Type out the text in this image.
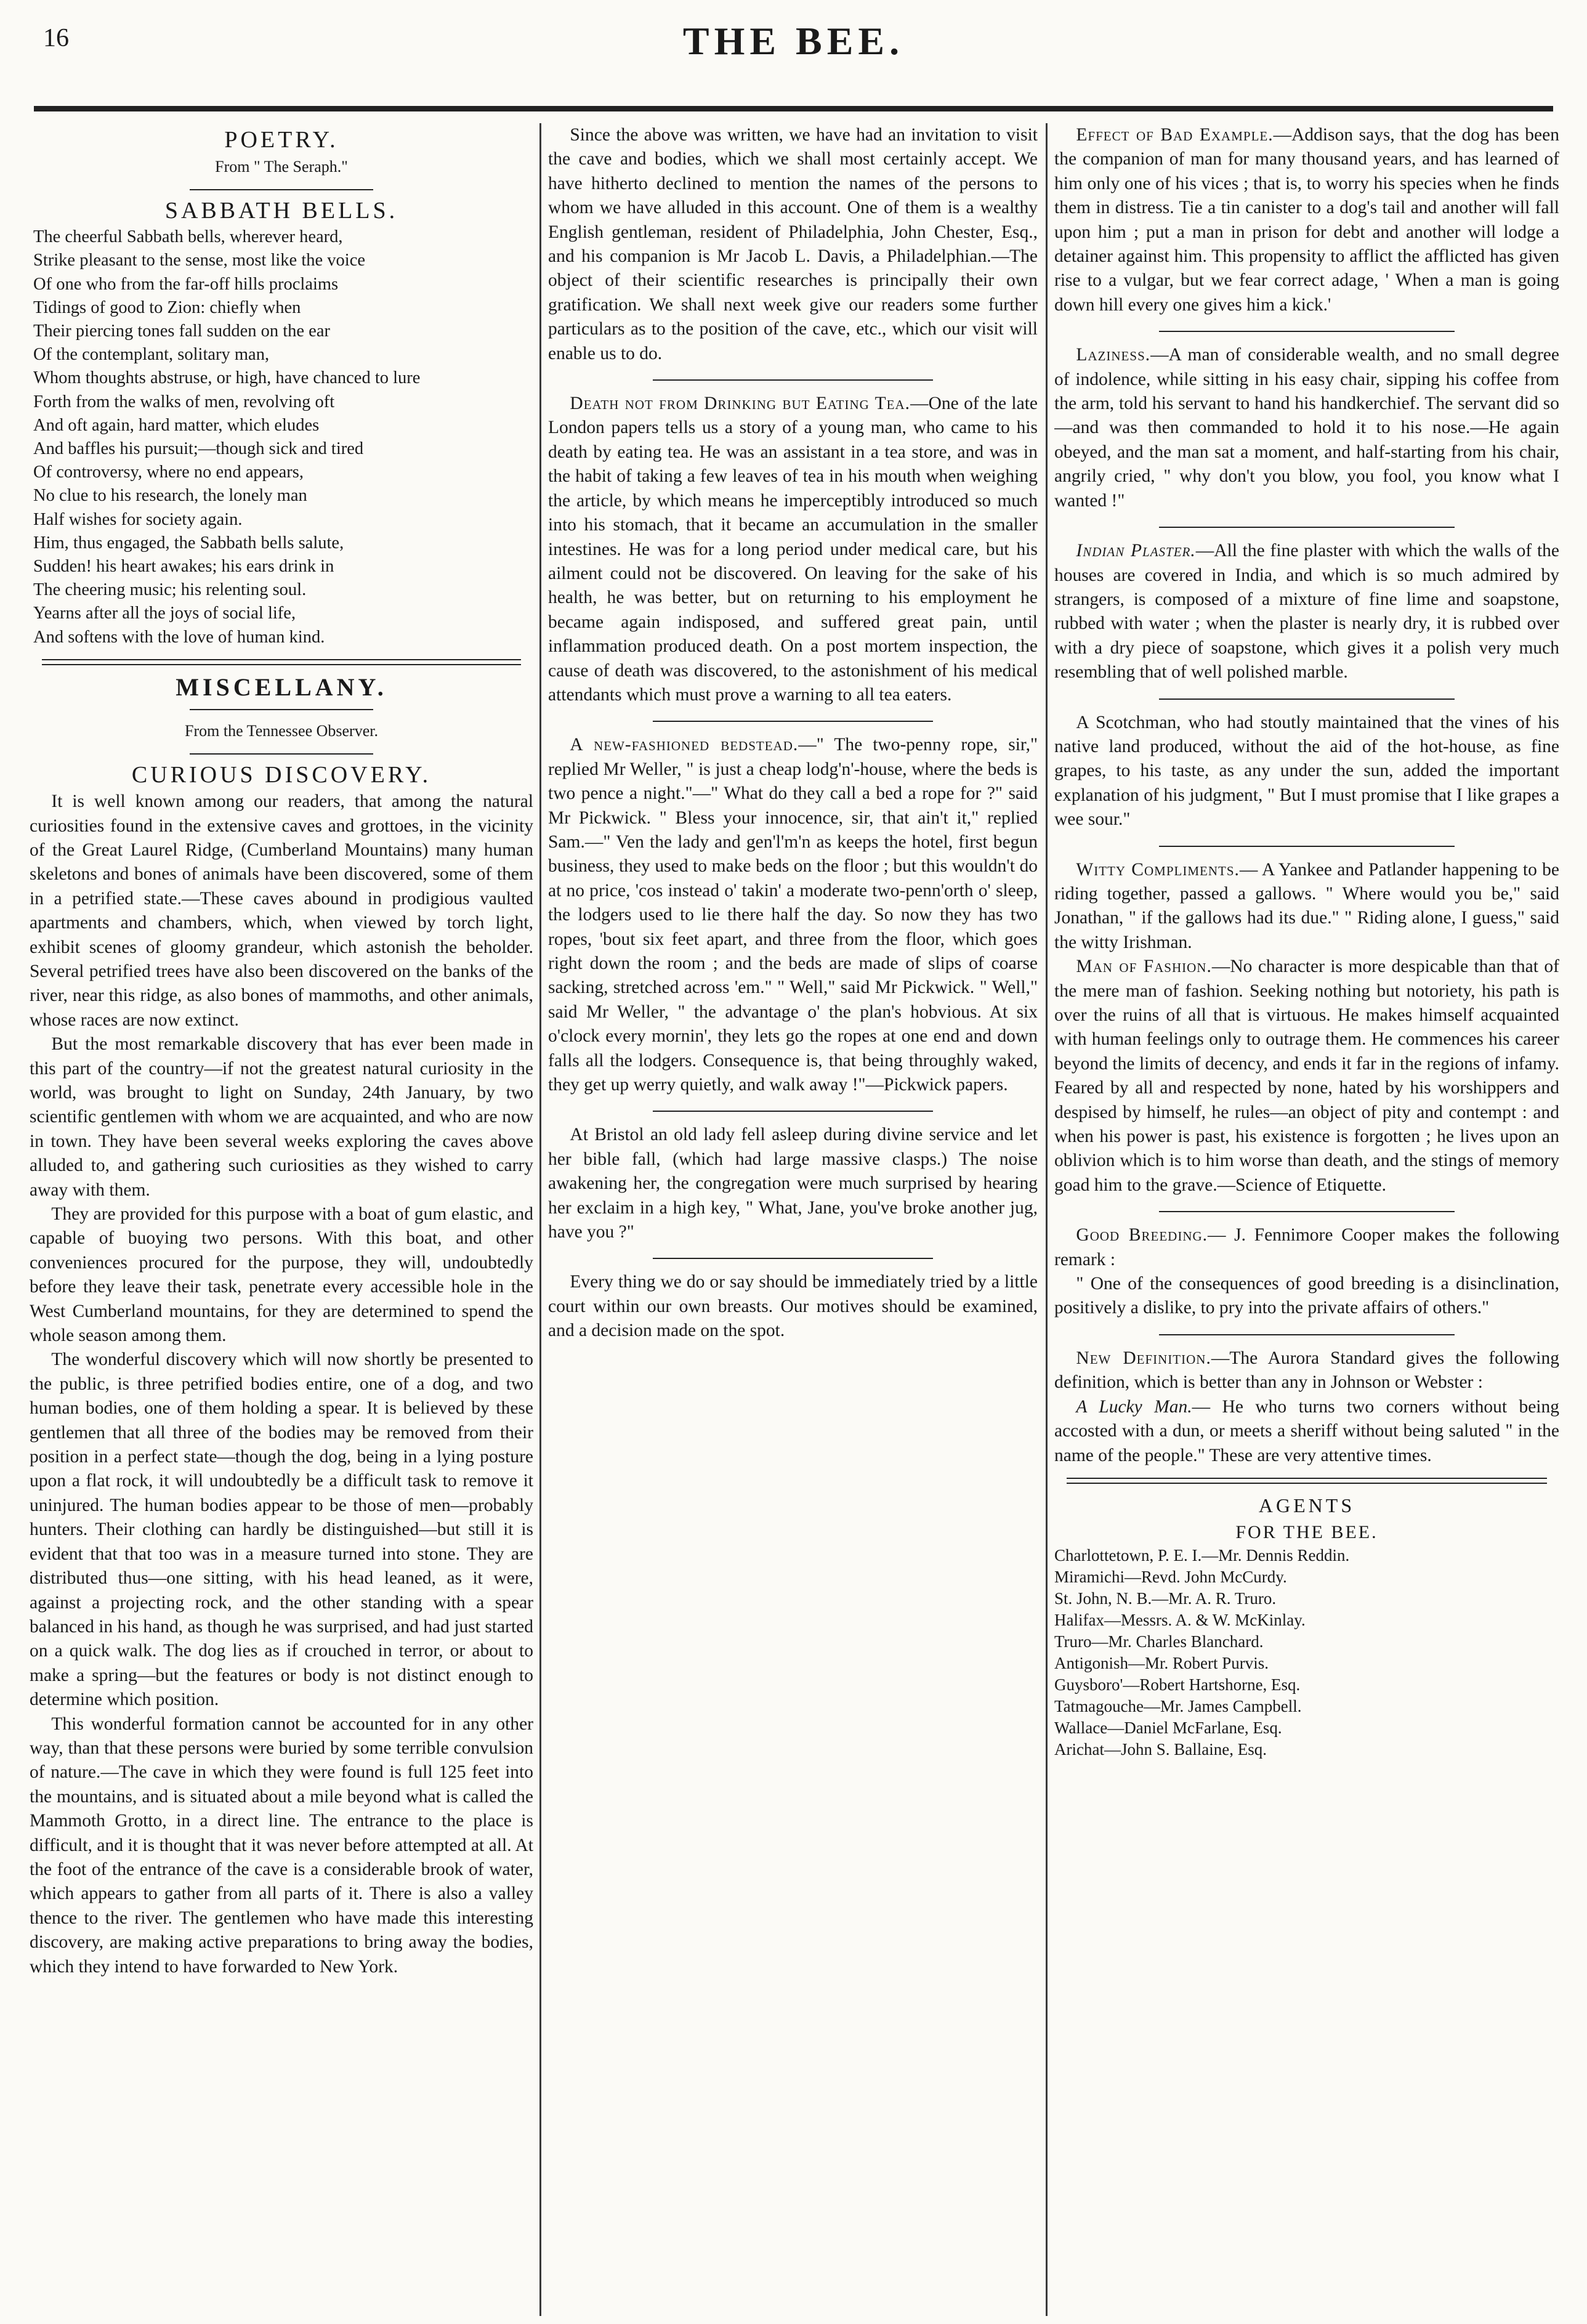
16	THE BEE.

POETRY.

From " The Seraph."

SABBATH BELLS.

The cheerful Sabbath bells, wherever heard,

Strike pleasant to the sense, most like the voice

Of one who from the far-off hills proclaims

Tidings of good to Zion: chiefly when

Their piercing tones fall sudden on the ear

Of the contemplant, solitary man,

Whom thoughts abstruse, or high, have chanced to lure

Forth from the walks of men, revolving oft

And oft again, hard matter, which eludes

And baffles his pursuit;—though sick and tired

Of controversy, where no end appears,

No clue to his research, the lonely man

Half wishes for society again.

Him, thus engaged, the Sabbath bells salute,

Sudden! his heart awakes; his ears drink in

The cheering music; his relenting soul.

Yearns after all the joys of social life,

And softens with the love of human kind.

MISCELLANY.

From the Tennessee Observer.

CURIOUS DISCOVERY.

It is well known among our readers, that among the natural curiosities found in the extensive caves and grottoes, in the vicinity of the Great Laurel Ridge, (Cumberland Mountains) many human skeletons and bones of animals have been discovered, some of them in a petrified state.—These caves abound in prodigious vaulted apartments and chambers, which, when viewed by torch light, exhibit scenes of gloomy grandeur, which astonish the beholder. Several petrified trees have also been discovered on the banks of the river, near this ridge, as also bones of mammoths, and other animals, whose races are now extinct.

But the most remarkable discovery that has ever been made in this part of the country—if not the greatest natural curiosity in the world, was brought to light on Sunday, 24th January, by two scientific gentlemen with whom we are acquainted, and who are now in town. They have been several weeks exploring the caves above alluded to, and gathering such curiosities as they wished to carry away with them.

They are provided for this purpose with a boat of gum elastic, and capable of buoying two persons. With this boat, and other conveniences procured for the purpose, they will, undoubtedly before they leave their task, penetrate every accessible hole in the West Cumberland mountains, for they are determined to spend the whole season among them.

The wonderful discovery which will now shortly be presented to the public, is three petrified bodies entire, one of a dog, and two human bodies, one of them holding a spear. It is believed by these gentlemen that all three of the bodies may be removed from their position in a perfect state—though the dog, being in a lying posture upon a flat rock, it will undoubtedly be a difficult task to remove it uninjured. The human bodies appear to be those of men—probably hunters. Their clothing can hardly be distinguished—but still it is evident that that too was in a measure turned into stone. They are distributed thus—one sitting, with his head leaned, as it were, against a projecting rock, and the other standing with a spear balanced in his hand, as though he was surprised, and had just started on a quick walk. The dog lies as if crouched in terror, or about to make a spring—but the features or body is not distinct enough to determine which position.

This wonderful formation cannot be accounted for in any other way, than that these persons were buried by some terrible convulsion of nature.—The cave in which they were found is full 125 feet into the mountains, and is situated about a mile beyond what is called the Mammoth Grotto, in a direct line. The entrance to the place is difficult, and it is thought that it was never before attempted at all. At the foot of the entrance of the cave is a considerable brook of water, which appears to gather from all parts of it. There is also a valley thence to the river. The gentlemen who have made this interesting discovery, are making active preparations to bring away the bodies, which they intend to have forwarded to New York.

Since the above was written, we have had an invitation to visit the cave and bodies, which we shall most certainly accept. We have hitherto declined to mention the names of the persons to whom we have alluded in this account. One of them is a wealthy English gentleman, resident of Philadelphia, John Chester, Esq., and his companion is Mr Jacob L. Davis, a Philadelphian.—The object of their scientific researches is principally their own gratification. We shall next week give our readers some further particulars as to the position of the cave, etc., which our visit will enable us to do.

Death not from Drinking but Eating Tea.—One of the late London papers tells us a story of a young man, who came to his death by eating tea. He was an assistant in a tea store, and was in the habit of taking a few leaves of tea in his mouth when weighing the article, by which means he imperceptibly introduced so much into his stomach, that it became an accumulation in the smaller intestines. He was for a long period under medical care, but his ailment could not be discovered. On leaving for the sake of his health, he was better, but on returning to his employment he became again indisposed, and suffered great pain, until inflammation produced death. On a post mortem inspection, the cause of death was discovered, to the astonishment of his medical attendants which must prove a warning to all tea eaters.

A new-fashioned bedstead.—" The two-penny rope, sir," replied Mr Weller, " is just a cheap lodg'n'-house, where the beds is two pence a night."—" What do they call a bed a rope for ?" said Mr Pickwick. " Bless your innocence, sir, that ain't it," replied Sam.—" Ven the lady and gen'l'm'n as keeps the hotel, first begun business, they used to make beds on the floor ; but this wouldn't do at no price, 'cos instead o' takin' a moderate two-penn'orth o' sleep, the lodgers used to lie there half the day. So now they has two ropes, 'bout six feet apart, and three from the floor, which goes right down the room ; and the beds are made of slips of coarse sacking, stretched across 'em." " Well," said Mr Pickwick. " Well," said Mr Weller, " the advantage o' the plan's hobvious. At six o'clock every mornin', they lets go the ropes at one end and down falls all the lodgers. Consequence is, that being throughly waked, they get up werry quietly, and walk away !"—Pickwick papers.

At Bristol an old lady fell asleep during divine service and let her bible fall, (which had large massive clasps.) The noise awakening her, the congregation were much surprised by hearing her exclaim in a high key, " What, Jane, you've broke another jug, have you ?"

Every thing we do or say should be immediately tried by a little court within our own breasts. Our motives should be examined, and a decision made on the spot.

Effect of Bad Example.—Addison says, that the dog has been the companion of man for many thousand years, and has learned of him only one of his vices ; that is, to worry his species when he finds them in distress. Tie a tin canister to a dog's tail and another will fall upon him ; put a man in prison for debt and another will lodge a detainer against him. This propensity to afflict the afflicted has given rise to a vulgar, but we fear correct adage, ' When a man is going down hill every one gives him a kick.'

Laziness.—A man of considerable wealth, and no small degree of indolence, while sitting in his easy chair, sipping his coffee from the arm, told his servant to hand his handkerchief. The servant did so—and was then commanded to hold it to his nose.—He again obeyed, and the man sat a moment, and half-starting from his chair, angrily cried, " why don't you blow, you fool, you know what I wanted !"

Indian Plaster.—All the fine plaster with which the walls of the houses are covered in India, and which is so much admired by strangers, is composed of a mixture of fine lime and soapstone, rubbed with water ; when the plaster is nearly dry, it is rubbed over with a dry piece of soapstone, which gives it a polish very much resembling that of well polished marble.

A Scotchman, who had stoutly maintained that the vines of his native land produced, without the aid of the hot-house, as fine grapes, to his taste, as any under the sun, added the important explanation of his judgment, " But I must promise that I like grapes a wee sour."

Witty Compliments.— A Yankee and Patlander happening to be riding together, passed a gallows. " Where would you be," said Jonathan, " if the gallows had its due." " Riding alone, I guess," said the witty Irishman.

Man of Fashion.—No character is more despicable than that of the mere man of fashion. Seeking nothing but notoriety, his path is over the ruins of all that is virtuous. He makes himself acquainted with human feelings only to outrage them. He commences his career beyond the limits of decency, and ends it far in the regions of infamy. Feared by all and respected by none, hated by his worshippers and despised by himself, he rules—an object of pity and contempt : and when his power is past, his existence is forgotten ; he lives upon an oblivion which is to him worse than death, and the stings of memory goad him to the grave.—Science of Etiquette.

Good Breeding.— J. Fennimore Cooper makes the following remark :

" One of the consequences of good breeding is a disinclination, positively a dislike, to pry into the private affairs of others."

New Definition.—The Aurora Standard gives the following definition, which is better than any in Johnson or Webster :

A Lucky Man.— He who turns two corners without being accosted with a dun, or meets a sheriff without being saluted " in the name of the people." These are very attentive times.

AGENTS

FOR THE BEE.

Charlottetown, P. E. I.—Mr. Dennis Reddin.

Miramichi—Revd. John McCurdy.

St. John, N. B.—Mr. A. R. Truro.

Halifax—Messrs. A. & W. McKinlay.

Truro—Mr. Charles Blanchard.

Antigonish—Mr. Robert Purvis.

Guysboro'—Robert Hartshorne, Esq.

Tatmagouche—Mr. James Campbell.

Wallace—Daniel McFarlane, Esq.

Arichat—John S. Ballaine, Esq.
